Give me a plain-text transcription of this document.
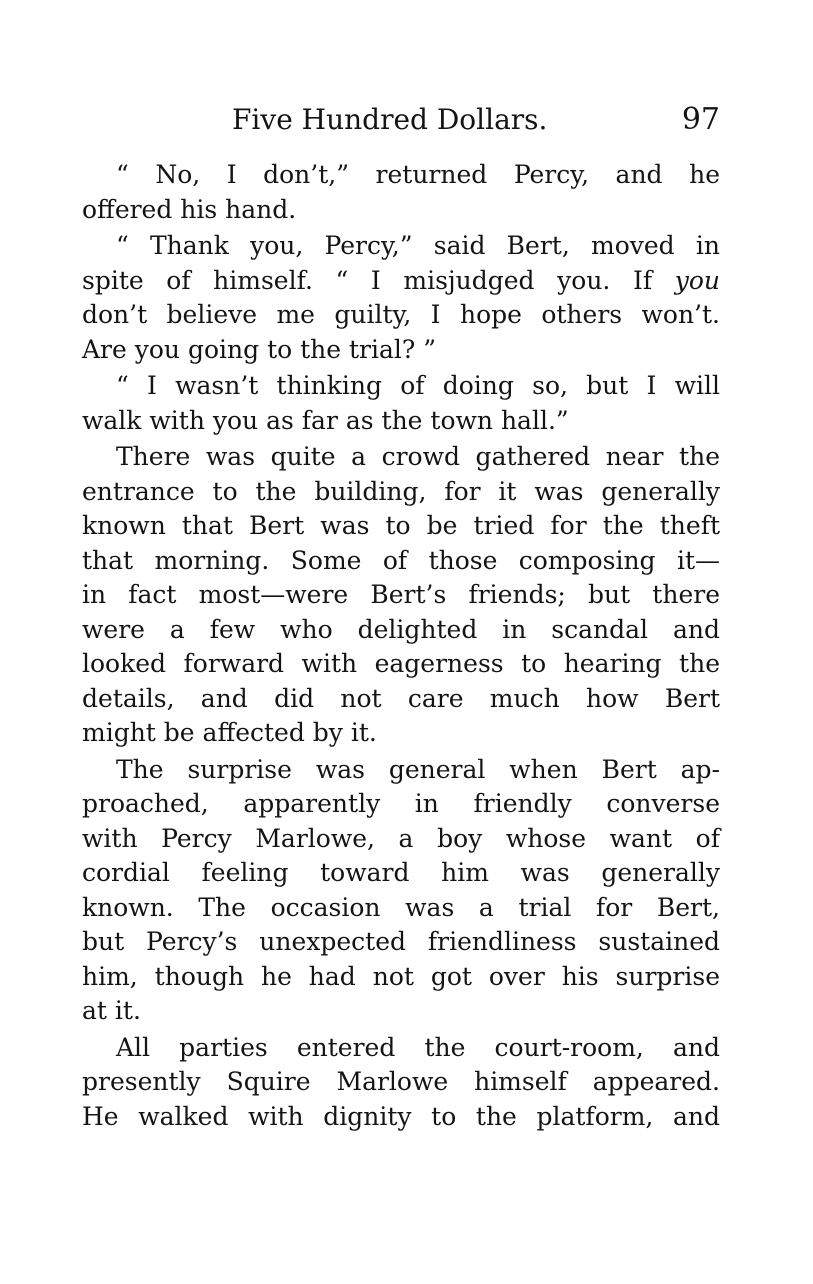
Five Hundred Dollars.	97
“ No, I don’t,” returned Percy, and he
offered his hand.
“ Thank you, Percy,” said Bert, moved in
spite of himself. “ I misjudged you. If you
don’t believe me guilty, I hope others won’t.
Are you going to the trial? ”
“ I wasn’t thinking of doing so, but I will
walk with you as far as the town hall.”
There was quite a crowd gathered near the
entrance to the building, for it was generally
known that Bert was to be tried for the theft
that morning. Some of those composing it—
in fact most—were Bert’s friends; but there
were a few who delighted in scandal and
looked forward with eagerness to hearing the
details, and did not care much how Bert
might be affected by it.
The surprise was general when Bert ap-
proached, apparently in friendly converse
with Percy Marlowe, a boy whose want of
cordial feeling toward him was generally
known. The occasion was a trial for Bert,
but Percy’s unexpected friendliness sustained
him, though he had not got over his surprise
at it.
All parties entered the court-room, and
presently Squire Marlowe himself appeared.
He walked with dignity to the platform, and
